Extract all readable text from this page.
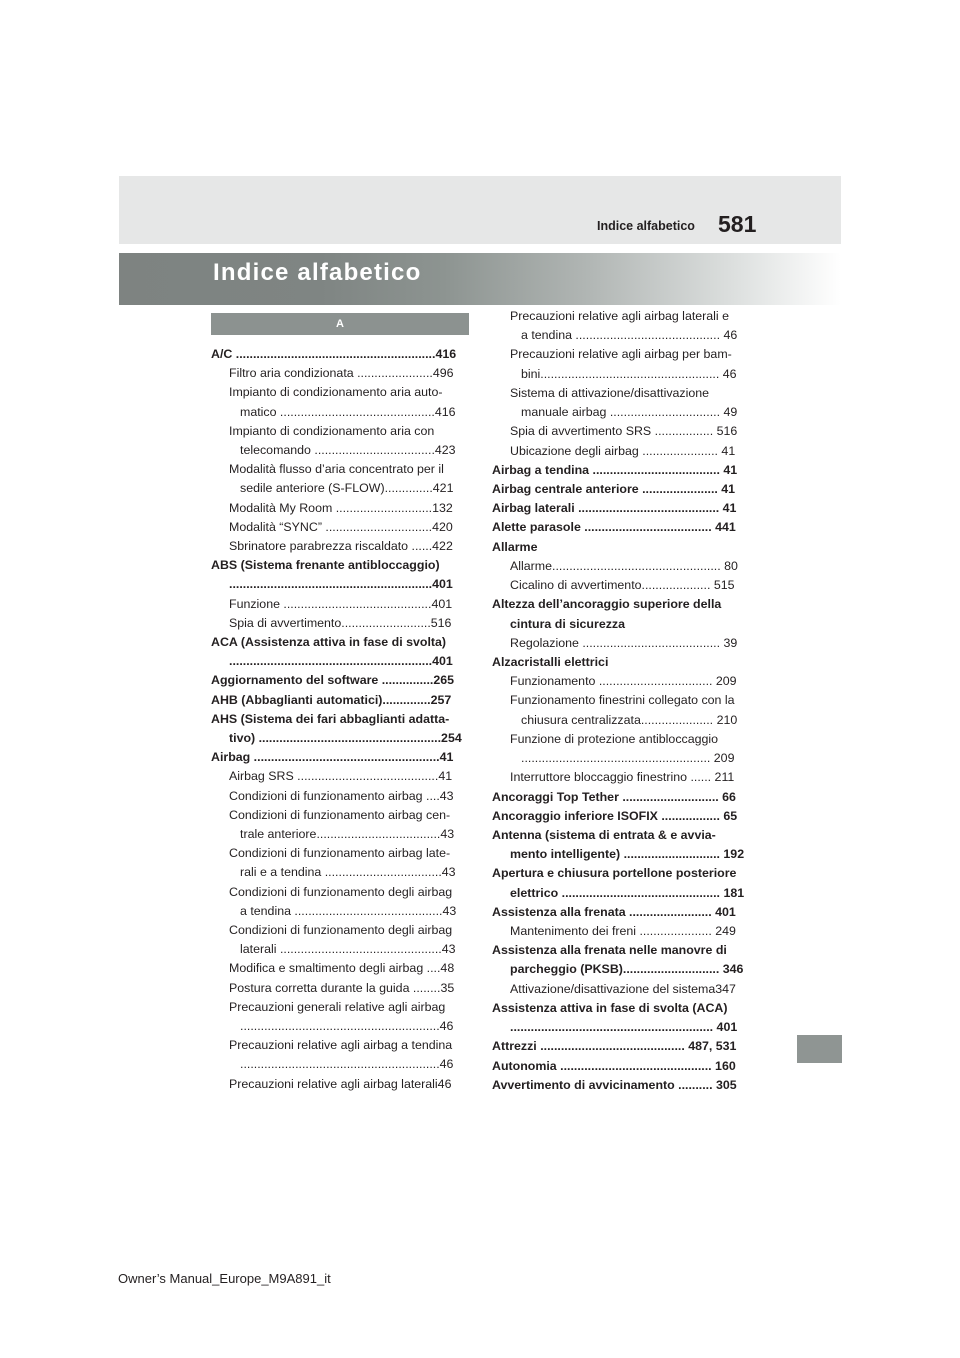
Indice alfabetico 581
Indice alfabetico
A
A/C ..........................................................416
Filtro aria condizionata ......................496
Impianto di condizionamento aria auto-
matico .............................................416
Impianto di condizionamento aria con
telecomando ...................................423
Modalità flusso d’aria concentrato per il
sedile anteriore (S-FLOW)..............421
Modalità My Room ............................132
Modalità “SYNC” ...............................420
Sbrinatore parabrezza riscaldato ......422
ABS (Sistema frenante antibloccaggio)
...........................................................401
Funzione ...........................................401
Spia di avvertimento..........................516
ACA (Assistenza attiva in fase di svolta)
...........................................................401
Aggiornamento del software ...............265
AHB (Abbaglianti automatici)..............257
AHS (Sistema dei fari abbaglianti adatta-
tivo) .....................................................254
Airbag ......................................................41
Airbag SRS .........................................41
Condizioni di funzionamento airbag ....43
Condizioni di funzionamento airbag cen-
trale anteriore....................................43
Condizioni di funzionamento airbag late-
rali e a tendina ..................................43
Condizioni di funzionamento degli airbag
a tendina ...........................................43
Condizioni di funzionamento degli airbag
laterali ...............................................43
Modifica e smaltimento degli airbag ....48
Postura corretta durante la guida ........35
Precauzioni generali relative agli airbag
..........................................................46
Precauzioni relative agli airbag a tendina
..........................................................46
Precauzioni relative agli airbag laterali46
Precauzioni relative agli airbag laterali e
a tendina .......................................... 46
Precauzioni relative agli airbag per bam-
bini.................................................... 46
Sistema di attivazione/disattivazione
manuale airbag ................................ 49
Spia di avvertimento SRS ................. 516
Ubicazione degli airbag ...................... 41
Airbag a tendina ..................................... 41
Airbag centrale anteriore ...................... 41
Airbag laterali ......................................... 41
Alette parasole ..................................... 441
Allarme
Allarme................................................. 80
Cicalino di avvertimento.................... 515
Altezza dell’ancoraggio superiore della
cintura di sicurezza
Regolazione ........................................ 39
Alzacristalli elettrici
Funzionamento ................................. 209
Funzionamento finestrini collegato con la
chiusura centralizzata..................... 210
Funzione di protezione antibloccaggio
....................................................... 209
Interruttore bloccaggio finestrino ...... 211
Ancoraggi Top Tether ............................ 66
Ancoraggio inferiore ISOFIX ................. 65
Antenna (sistema di entrata & e avvia-
mento intelligente) ............................ 192
Apertura e chiusura portellone posteriore
elettrico .............................................. 181
Assistenza alla frenata ........................ 401
Mantenimento dei freni ..................... 249
Assistenza alla frenata nelle manovre di
parcheggio (PKSB)............................ 346
Attivazione/disattivazione del sistema347
Assistenza attiva in fase di svolta (ACA)
........................................................... 401
Attrezzi .......................................... 487, 531
Autonomia ............................................ 160
Avvertimento di avvicinamento .......... 305
Owner’s Manual_Europe_M9A891_it
